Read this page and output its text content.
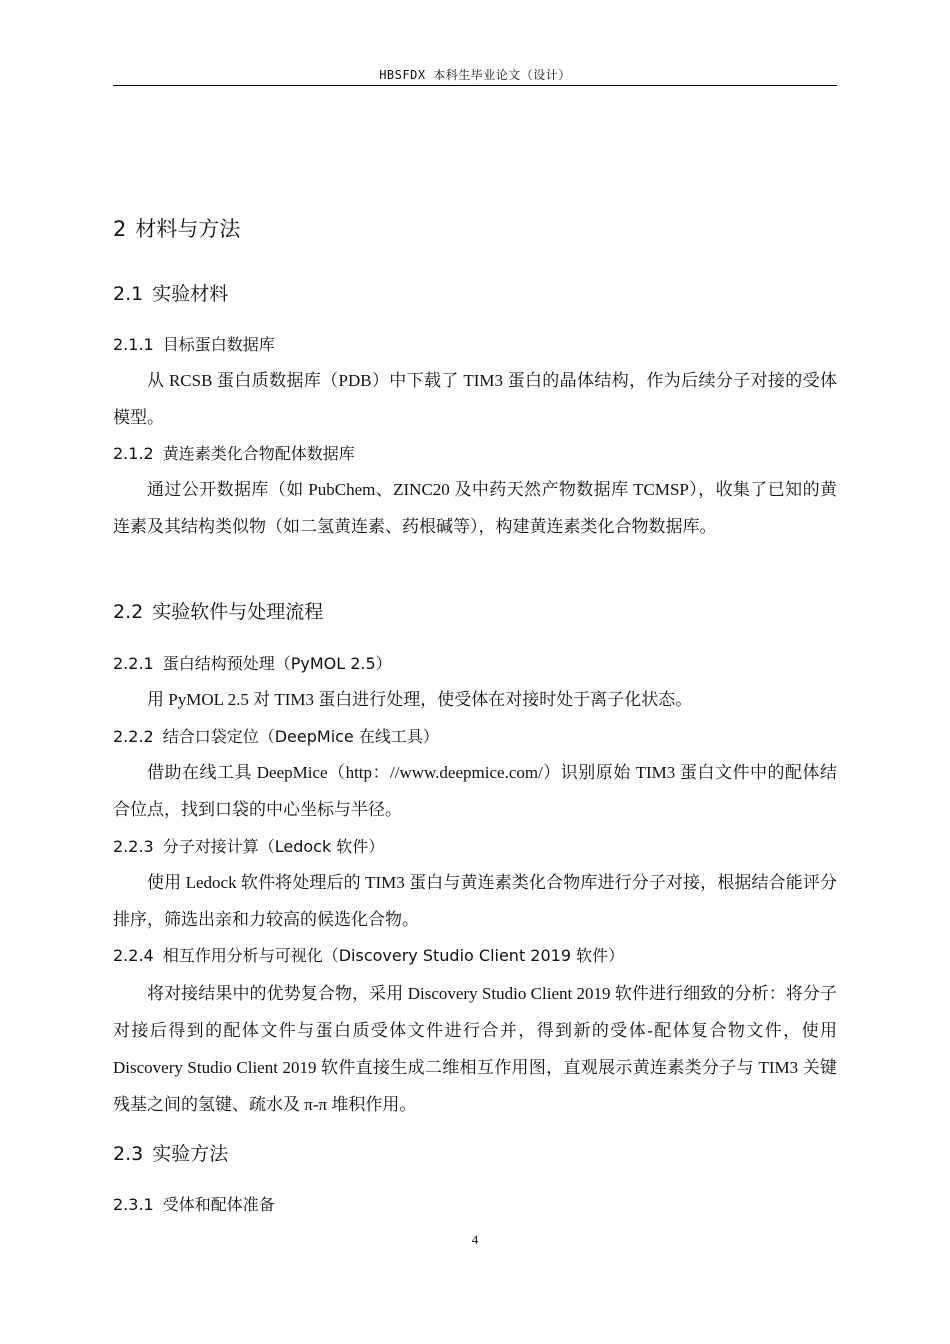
HBSFDX 本科生毕业论文（设计）
2 材料与方法
2.1 实验材料
2.1.1 目标蛋白数据库
从 RCSB 蛋白质数据库（PDB）中下载了 TIM3 蛋白的晶体结构，作为后续分子对接的受体模型。
2.1.2 黄连素类化合物配体数据库
通过公开数据库（如 PubChem、ZINC20 及中药天然产物数据库 TCMSP），收集了已知的黄连素及其结构类似物（如二氢黄连素、药根碱等），构建黄连素类化合物数据库。
2.2 实验软件与处理流程
2.2.1 蛋白结构预处理（PyMOL 2.5）
用 PyMOL 2.5 对 TIM3 蛋白进行处理，使受体在对接时处于离子化状态。
2.2.2 结合口袋定位（DeepMice 在线工具）
借助在线工具 DeepMice（http：//www.deepmice.com/）识别原始 TIM3 蛋白文件中的配体结合位点，找到口袋的中心坐标与半径。
2.2.3 分子对接计算（Ledock 软件）
使用 Ledock 软件将处理后的 TIM3 蛋白与黄连素类化合物库进行分子对接，根据结合能评分排序，筛选出亲和力较高的候选化合物。
2.2.4 相互作用分析与可视化（Discovery Studio Client 2019 软件）
将对接结果中的优势复合物，采用 Discovery Studio Client 2019 软件进行细致的分析：将分子对接后得到的配体文件与蛋白质受体文件进行合并，得到新的受体-配体复合物文件，使用 Discovery Studio Client 2019 软件直接生成二维相互作用图，直观展示黄连素类分子与 TIM3 关键残基之间的氢键、疏水及 π-π 堆积作用。
2.3 实验方法
2.3.1 受体和配体准备
4
